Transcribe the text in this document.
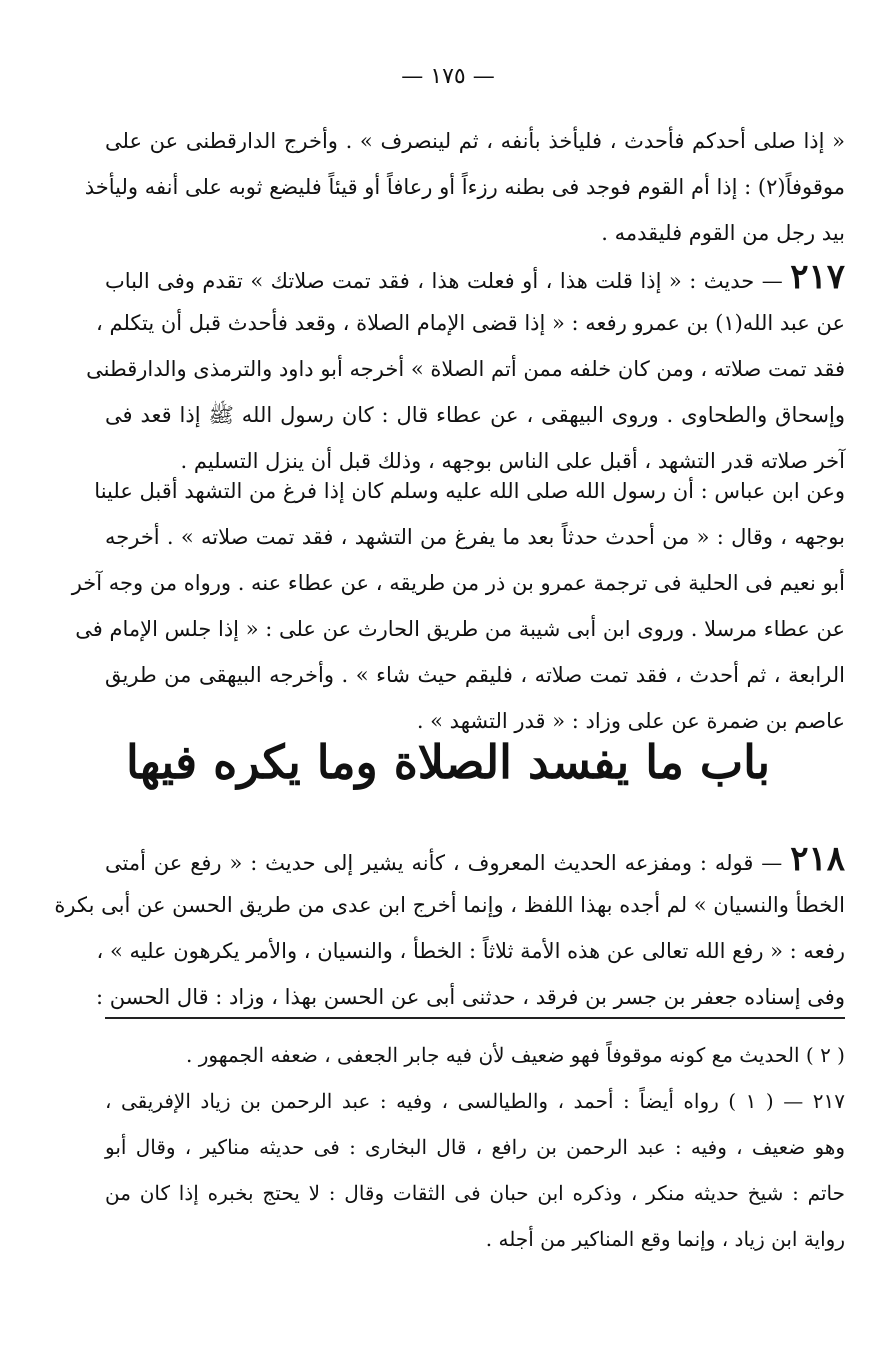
— ١٧٥ —
« إذا صلى أحدكم فأحدث ، فليأخذ بأنفه ، ثم لينصرف » . وأخرج الدارقطنى عن على
موقوفاً(٢) : إذا أم القوم فوجد فى بطنه رزءاً أو رعافاً أو قيئاً فليضع ثوبه على أنفه وليأخذ
بيد رجل من القوم فليقدمه .
٢١٧ — حديث : « إذا قلت هذا ، أو فعلت هذا ، فقد تمت صلاتك » تقدم وفى الباب
عن عبد الله(١) بن عمرو رفعه : « إذا قضى الإمام الصلاة ، وقعد فأحدث قبل أن يتكلم ،
فقد تمت صلاته ، ومن كان خلفه ممن أتم الصلاة » أخرجه أبو داود والترمذى والدارقطنى
وإسحاق والطحاوى . وروى البيهقى ، عن عطاء قال : كان رسول الله ﷺ إذا قعد فى
آخر صلاته قدر التشهد ، أقبل على الناس بوجهه ، وذلك قبل أن ينزل التسليم .
وعن ابن عباس : أن رسول الله صلى الله عليه وسلم كان إذا فرغ من التشهد أقبل علينا
بوجهه ، وقال : « من أحدث حدثاً بعد ما يفرغ من التشهد ، فقد تمت صلاته » . أخرجه
أبو نعيم فى الحلية فى ترجمة عمرو بن ذر من طريقه ، عن عطاء عنه . ورواه من وجه آخر
عن عطاء مرسلا . وروى ابن أبى شيبة من طريق الحارث عن على : « إذا جلس الإمام فى
الرابعة ، ثم أحدث ، فقد تمت صلاته ، فليقم حيث شاء » . وأخرجه البيهقى من طريق
عاصم بن ضمرة عن على وزاد : « قدر التشهد » .
باب ما يفسد الصلاة وما يكره فيها
٢١٨ — قوله : ومفزعه الحديث المعروف ، كأنه يشير إلى حديث : « رفع عن أمتى
الخطأ والنسيان » لم أجده بهذا اللفظ ، وإنما أخرج ابن عدى من طريق الحسن عن أبى بكرة
رفعه : « رفع الله تعالى عن هذه الأمة ثلاثاً : الخطأ ، والنسيان ، والأمر يكرهون عليه » ،
وفى إسناده جعفر بن جسر بن فرقد ، حدثنى أبى عن الحسن بهذا ، وزاد : قال الحسن :
( ٢ ) الحديث مع كونه موقوفاً فهو ضعيف لأن فيه جابر الجعفى ، ضعفه الجمهور .
٢١٧ — ( ١ ) رواه أيضاً : أحمد ، والطيالسى ، وفيه : عبد الرحمن بن زياد الإفريقى ،
وهو ضعيف ، وفيه : عبد الرحمن بن رافع ، قال البخارى : فى حديثه مناكير ، وقال أبو
حاتم : شيخ حديثه منكر ، وذكره ابن حبان فى الثقات وقال : لا يحتج بخبره إذا كان من
رواية ابن زياد ، وإنما وقع المناكير من أجله .
